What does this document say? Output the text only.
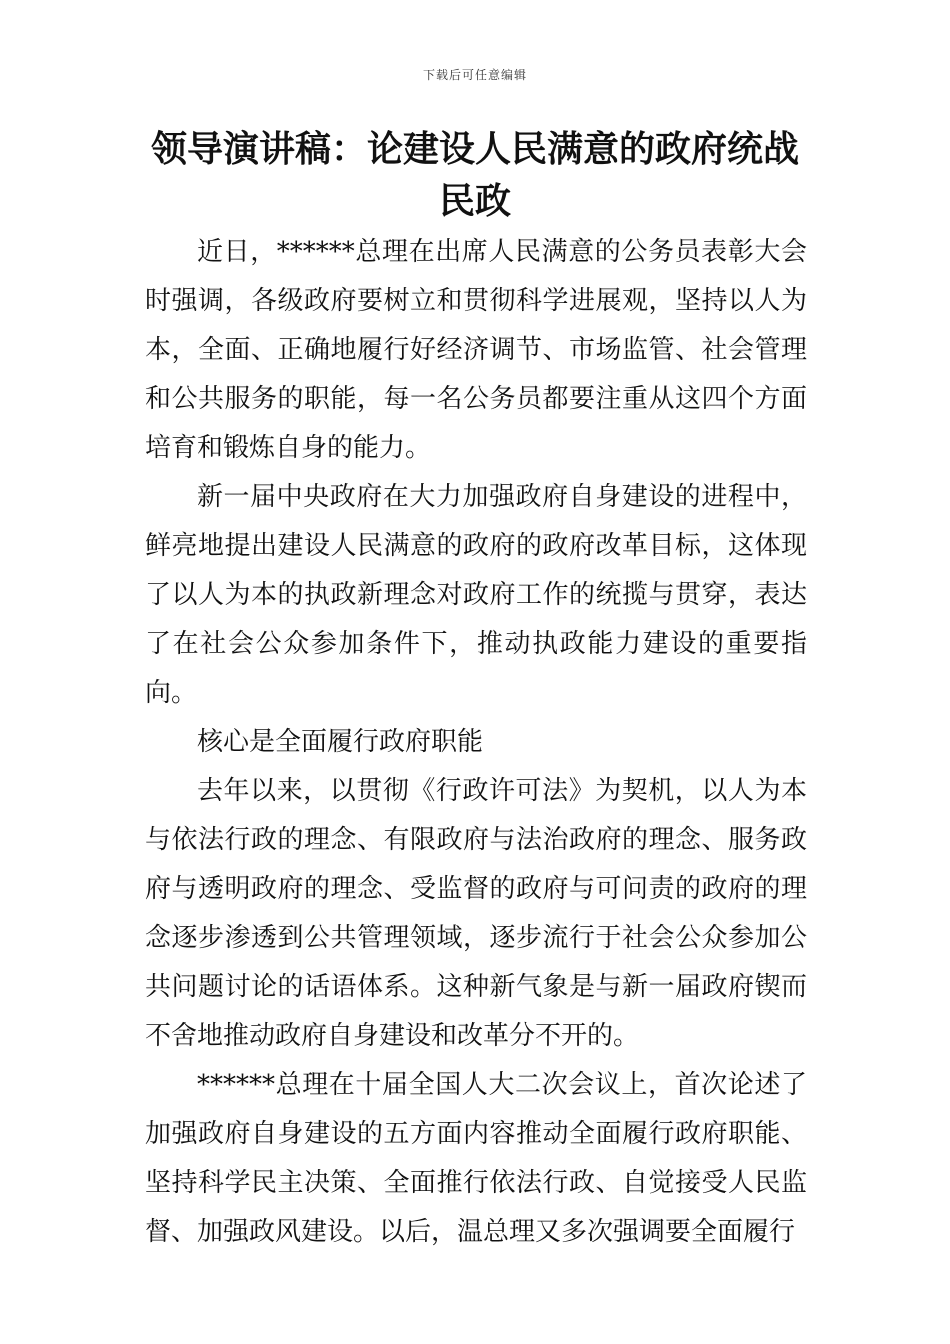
下载后可任意编辑
领导演讲稿：论建设人民满意的政府统战民政

近日，******总理在出席人民满意的公务员表彰大会时强调，各级政府要树立和贯彻科学进展观，坚持以人为本，全面、正确地履行好经济调节、市场监管、社会管理和公共服务的职能，每一名公务员都要注重从这四个方面培育和锻炼自身的能力。

新一届中央政府在大力加强政府自身建设的进程中，鲜亮地提出建设人民满意的政府的政府改革目标，这体现了以人为本的执政新理念对政府工作的统揽与贯穿，表达了在社会公众参加条件下，推动执政能力建设的重要指向。

核心是全面履行政府职能

去年以来，以贯彻《行政许可法》为契机，以人为本与依法行政的理念、有限政府与法治政府的理念、服务政府与透明政府的理念、受监督的政府与可问责的政府的理念逐步渗透到公共管理领域，逐步流行于社会公众参加公共问题讨论的话语体系。这种新气象是与新一届政府锲而不舍地推动政府自身建设和改革分不开的。

******总理在十届全国人大二次会议上，首次论述了加强政府自身建设的五方面内容推动全面履行政府职能、坚持科学民主决策、全面推行依法行政、自觉接受人民监督、加强政风建设。以后，温总理又多次强调要全面履行
